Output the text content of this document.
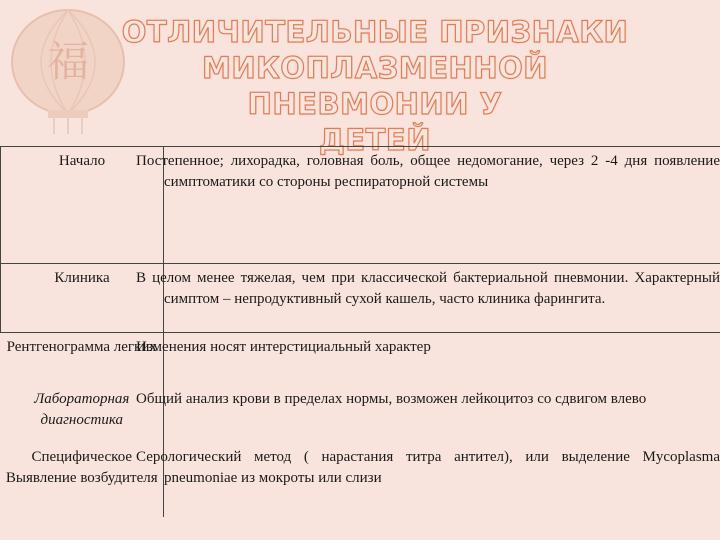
福
ОТЛИЧИТЕЛЬНЫЕ ПРИЗНАКИ
МИКОПЛАЗМЕННОЙ ПНЕВМОНИИ У
ДЕТЕЙ
Начало	Постепенное; лихорадка, головная боль, общее недомогание, через 2 -4 дня появление симптоматики со стороны респираторной системы
Клиника	В целом менее тяжелая, чем при классической бактериальной пневмонии. Характерный симптом – непродуктивный сухой кашель, часто клиника фарингита.
Рентгенограмма легких	Изменения носят интерстициальный характер
Лабораторная диагностика	Общий анализ крови в пределах нормы, возможен лейкоцитоз со сдвигом влево
Специфическое Выявление возбудителя	Серологический метод ( нарастания титра антител), или выделение Mycoplasma pneumoniae из мокроты или слизи
